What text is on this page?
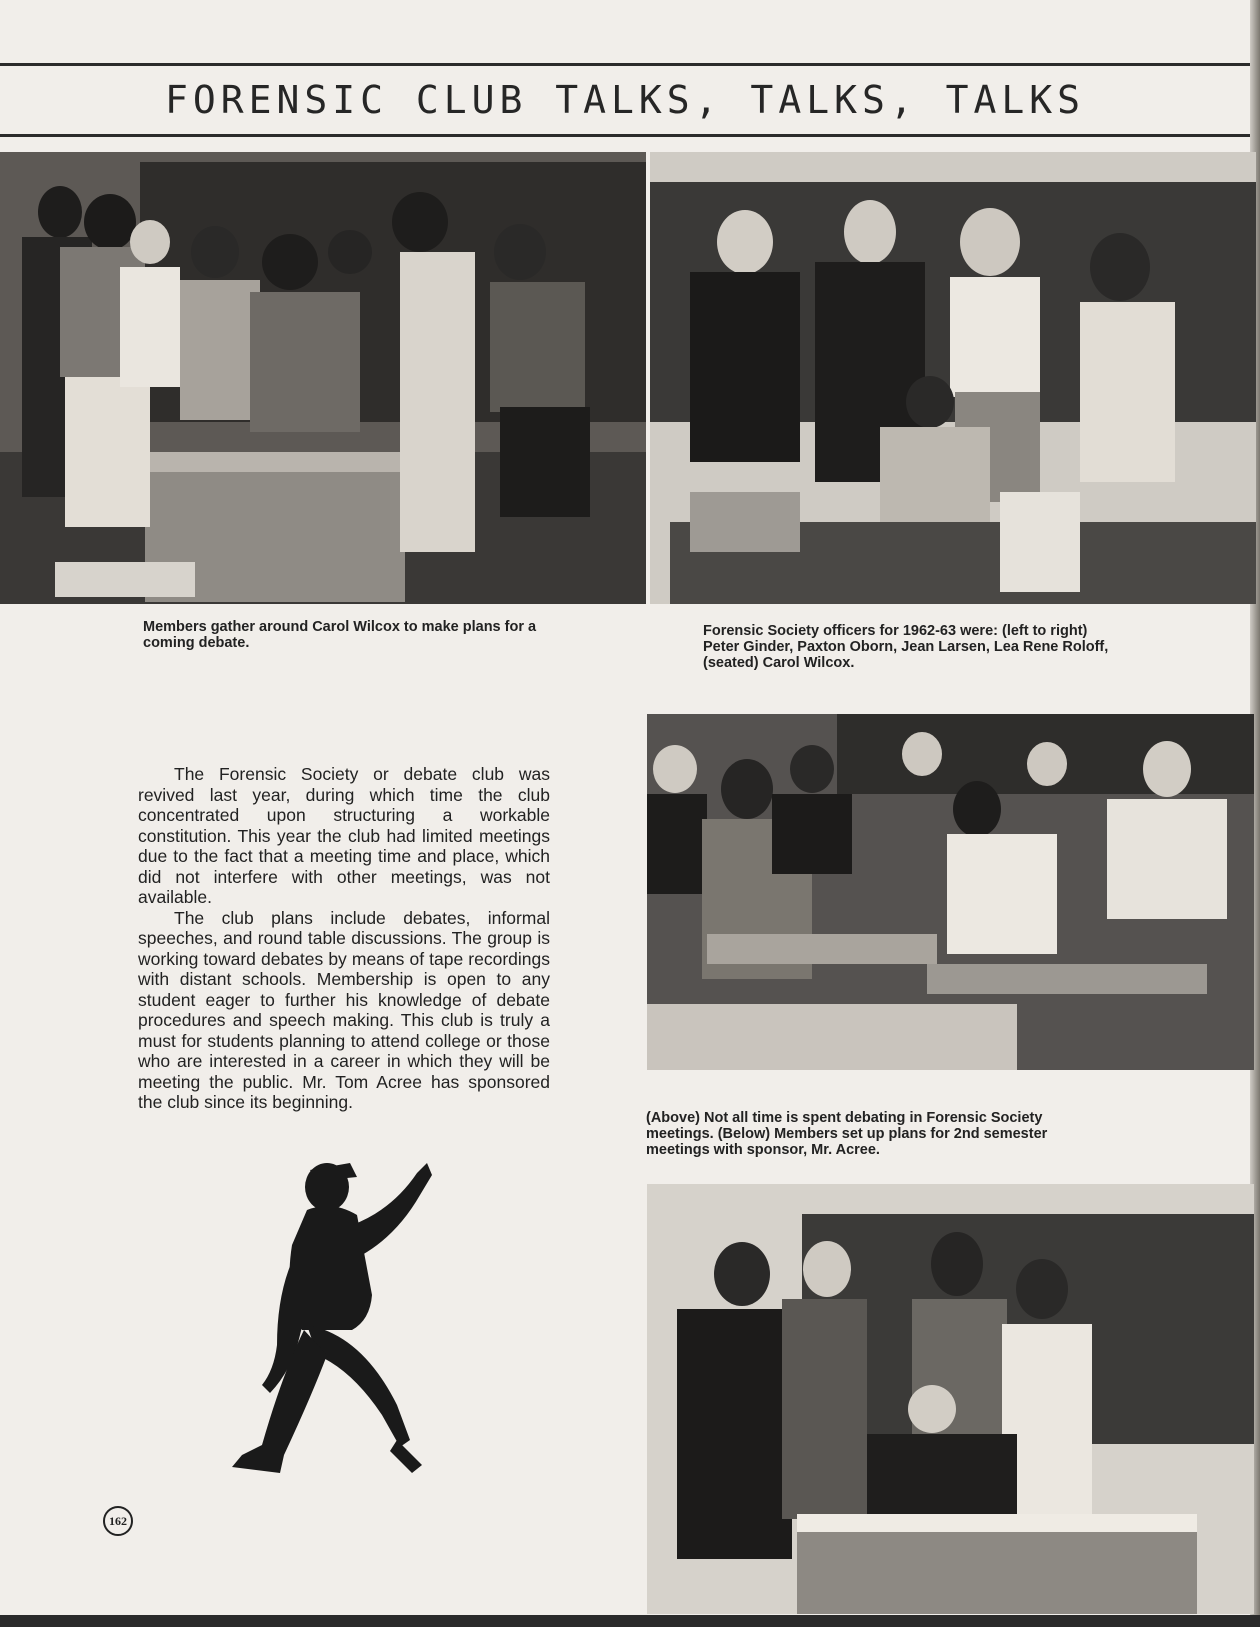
FORENSIC CLUB TALKS, TALKS, TALKS

Members gather around Carol Wilcox to make plans for a coming debate.

Forensic Society officers for 1962-63 were: (left to right) Peter Ginder, Paxton Oborn, Jean Larsen, Lea Rene Roloff, (seated) Carol Wilcox.

(Above) Not all time is spent debating in Forensic Society meetings. (Below) Members set up plans for 2nd semester meetings with sponsor, Mr. Acree.

The Forensic Society or debate club was revived last year, during which time the club concentrated upon structuring a workable constitution. This year the club had limited meetings due to the fact that a meeting time and place, which did not interfere with other meetings, was not available.

The club plans include debates, informal speeches, and round table discussions. The group is working toward debates by means of tape recordings with distant schools. Membership is open to any student eager to further his knowledge of debate procedures and speech making. This club is truly a must for students planning to attend college or those who are interested in a career in which they will be meeting the public. Mr. Tom Acree has sponsored the club since its beginning.

162
